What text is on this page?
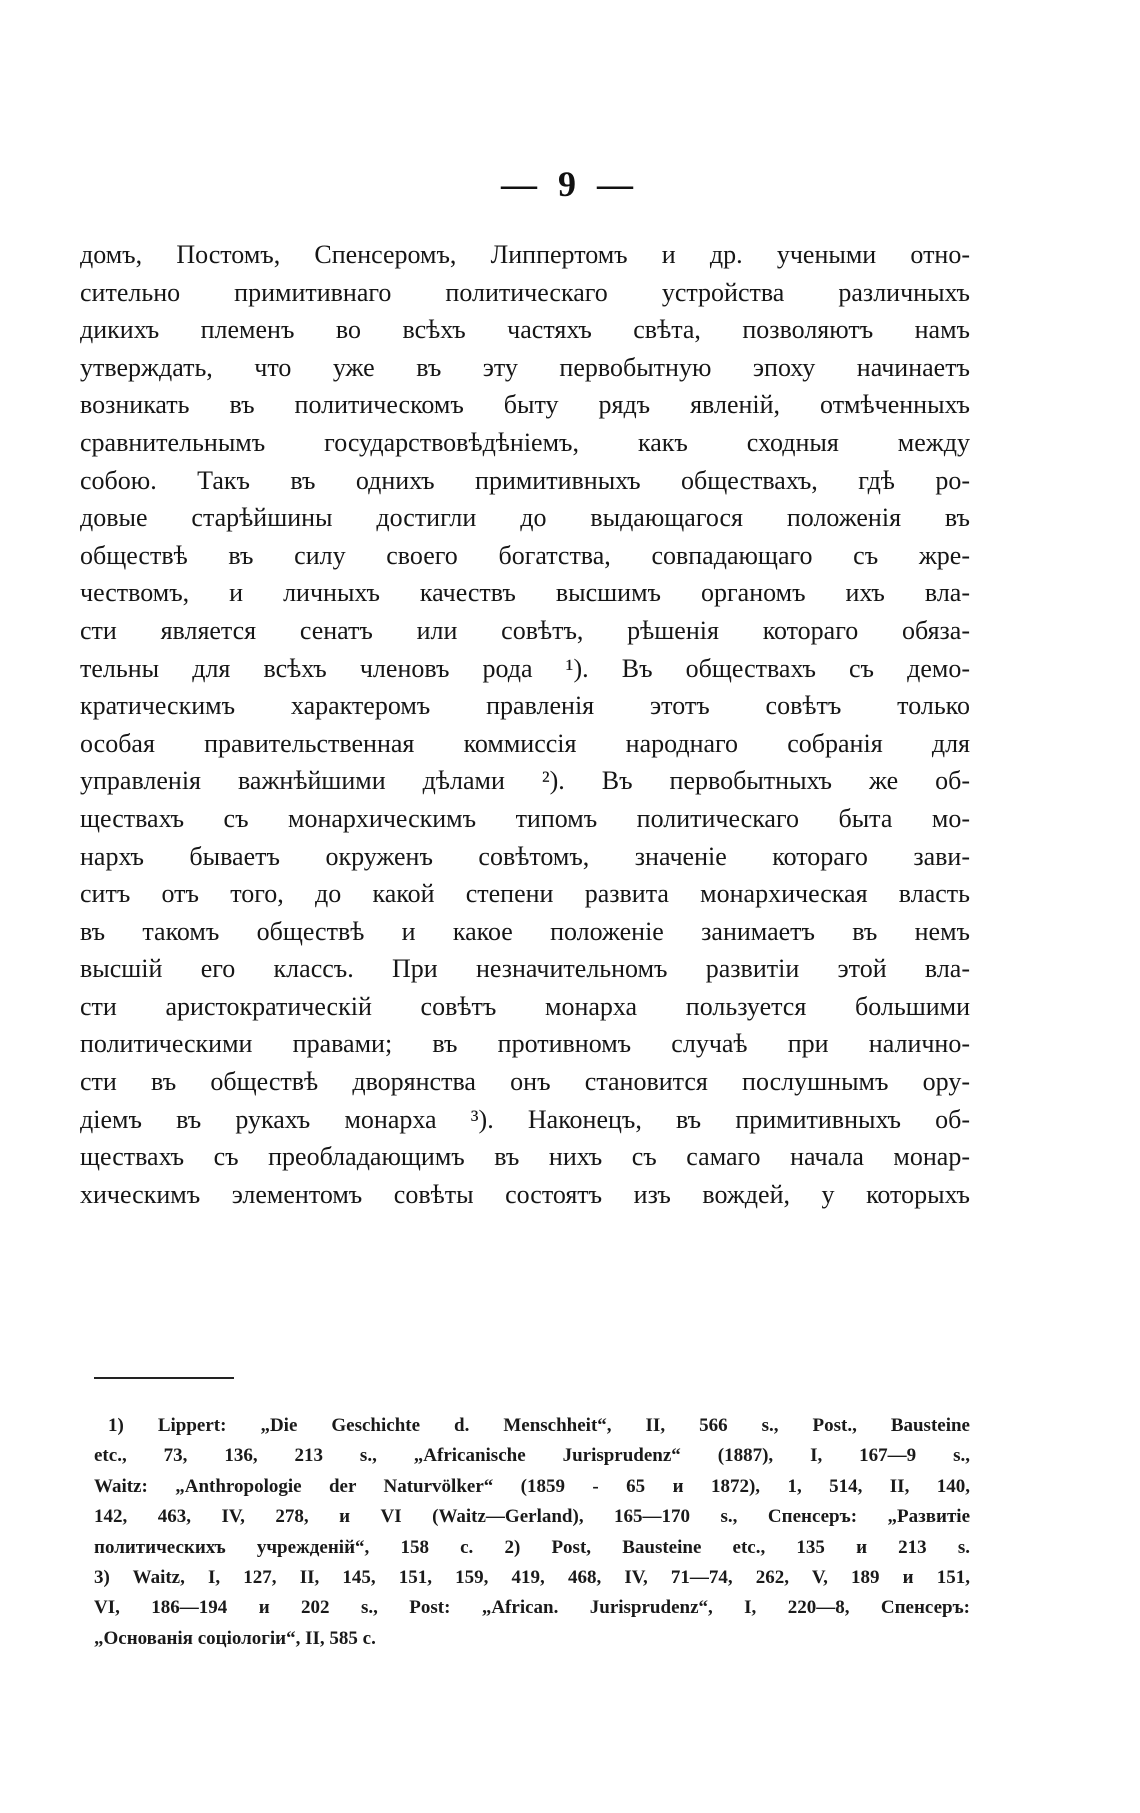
— 9 —
домъ, Постомъ, Спенсеромъ, Липпертомъ и др. учеными отно-
сительно примитивнаго политическаго устройства различныхъ
дикихъ племенъ во всѣхъ частяхъ свѣта, позволяютъ намъ
утверждать, что уже въ эту первобытную эпоху начинаетъ
возникать въ политическомъ быту рядъ явленій, отмѣченныхъ
сравнительнымъ государствовѣдѣніемъ, какъ сходныя между
собою. Такъ въ однихъ примитивныхъ обществахъ, гдѣ ро-
довые старѣйшины достигли до выдающагося положенія въ
обществѣ въ силу своего богатства, совпадающаго съ жре-
чествомъ, и личныхъ качествъ высшимъ органомъ ихъ вла-
сти является сенатъ или совѣтъ, рѣшенія котораго обяза-
тельны для всѣхъ членовъ рода ¹). Въ обществахъ съ демо-
кратическимъ характеромъ правленія этотъ совѣтъ только
особая правительственная коммиссія народнаго собранія для
управленія важнѣйшими дѣлами ²). Въ первобытныхъ же об-
ществахъ съ монархическимъ типомъ политическаго быта мо-
нархъ бываетъ окруженъ совѣтомъ, значеніе котораго зави-
ситъ отъ того, до какой степени развита монархическая власть
въ такомъ обществѣ и какое положеніе занимаетъ въ немъ
высшій его классъ. При незначительномъ развитіи этой вла-
сти аристократическій совѣтъ монарха пользуется большими
политическими правами; въ противномъ случаѣ при налично-
сти въ обществѣ дворянства онъ становится послушнымъ ору-
діемъ въ рукахъ монарха ³). Наконецъ, въ примитивныхъ об-
ществахъ съ преобладающимъ въ нихъ съ самаго начала монар-
хическимъ элементомъ совѣты состоятъ изъ вождей, у которыхъ
1) Lippert: „Die Geschichte d. Menschheit“, II, 566 s., Post., Bausteine
etc., 73, 136, 213 s., „Africanische Jurisprudenz“ (1887), I, 167—9 s.,
Waitz: „Anthropologie der Naturvölker“ (1859 - 65 и 1872), 1, 514, II, 140,
142, 463, IV, 278, и VI (Waitz—Gerland), 165—170 s., Спенсеръ: „Развитіе
политическихъ учрежденій“, 158 с. 2) Post, Bausteine etc., 135 и 213 s.
3) Waitz, I, 127, II, 145, 151, 159, 419, 468, IV, 71—74, 262, V, 189 и 151,
VI, 186—194 и 202 s., Post: „African. Jurisprudenz“, I, 220—8, Спенсеръ:
„Основанія соціологіи“, II, 585 с.
